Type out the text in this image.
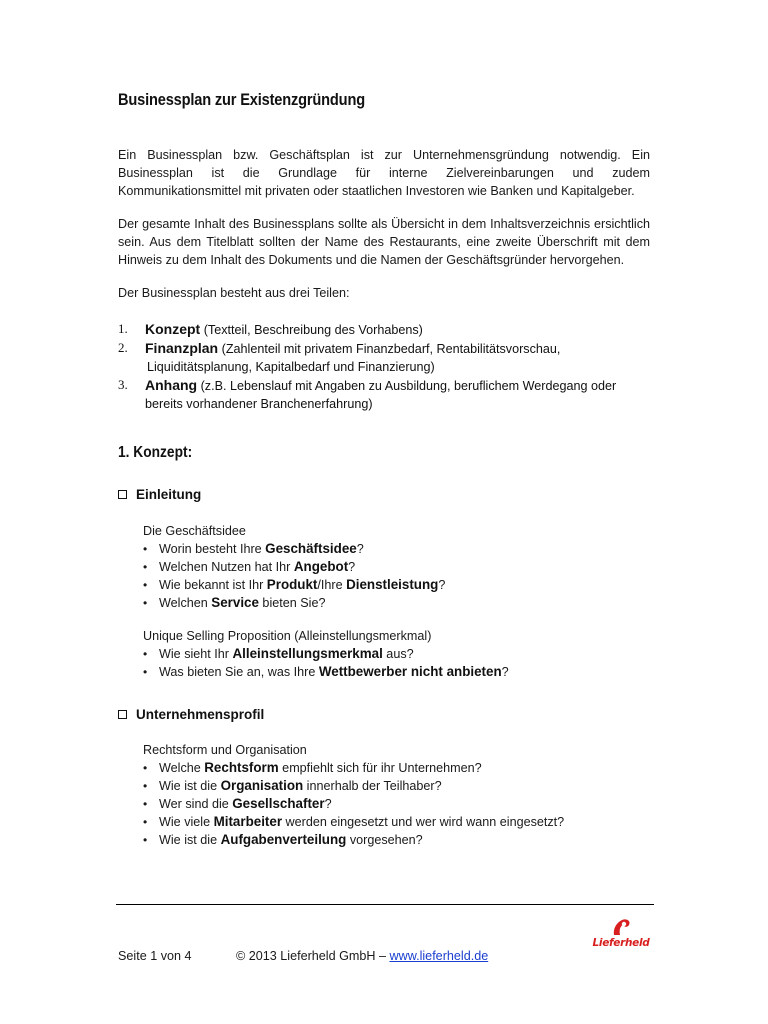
Businessplan zur Existenzgründung

Ein Businessplan bzw. Geschäftsplan ist zur Unternehmensgründung notwendig. Ein Businessplan ist die Grundlage für interne Zielvereinbarungen und zudem Kommunikationsmittel mit privaten oder staatlichen Investoren wie Banken und Kapitalgeber.

Der gesamte Inhalt des Businessplans sollte als Übersicht in dem Inhaltsverzeichnis ersichtlich sein. Aus dem Titelblatt sollten der Name des Restaurants, eine zweite Überschrift mit dem Hinweis zu dem Inhalt des Dokuments und die Namen der Geschäftsgründer hervorgehen.

Der Businessplan besteht aus drei Teilen:

1. Konzept (Textteil, Beschreibung des Vorhabens)
2. Finanzplan (Zahlenteil mit privatem Finanzbedarf, Rentabilitätsvorschau,
Liquiditätsplanung, Kapitalbedarf und Finanzierung)
3. Anhang (z.B. Lebenslauf mit Angaben zu Ausbildung, beruflichem Werdegang oder
bereits vorhandener Branchenerfahrung)
1. Konzept:
Einleitung

Die Geschäftsidee

• Worin besteht Ihre Geschäftsidee?
• Welchen Nutzen hat Ihr Angebot?
• Wie bekannt ist Ihr Produkt/Ihre Dienstleistung?
• Welchen Service bieten Sie?

Unique Selling Proposition (Alleinstellungsmerkmal)

• Wie sieht Ihr Alleinstellungsmerkmal aus?
• Was bieten Sie an, was Ihre Wettbewerber nicht anbieten?
Unternehmensprofil

Rechtsform und Organisation

• Welche Rechtsform empfiehlt sich für ihr Unternehmen?
• Wie ist die Organisation innerhalb der Teilhaber?
• Wer sind die Gesellschafter?
• Wie viele Mitarbeiter werden eingesetzt und wer wird wann eingesetzt?
• Wie ist die Aufgabenverteilung vorgesehen?
Lieferheld
Seite 1 von 4	© 2013 Lieferheld GmbH – www.lieferheld.de
